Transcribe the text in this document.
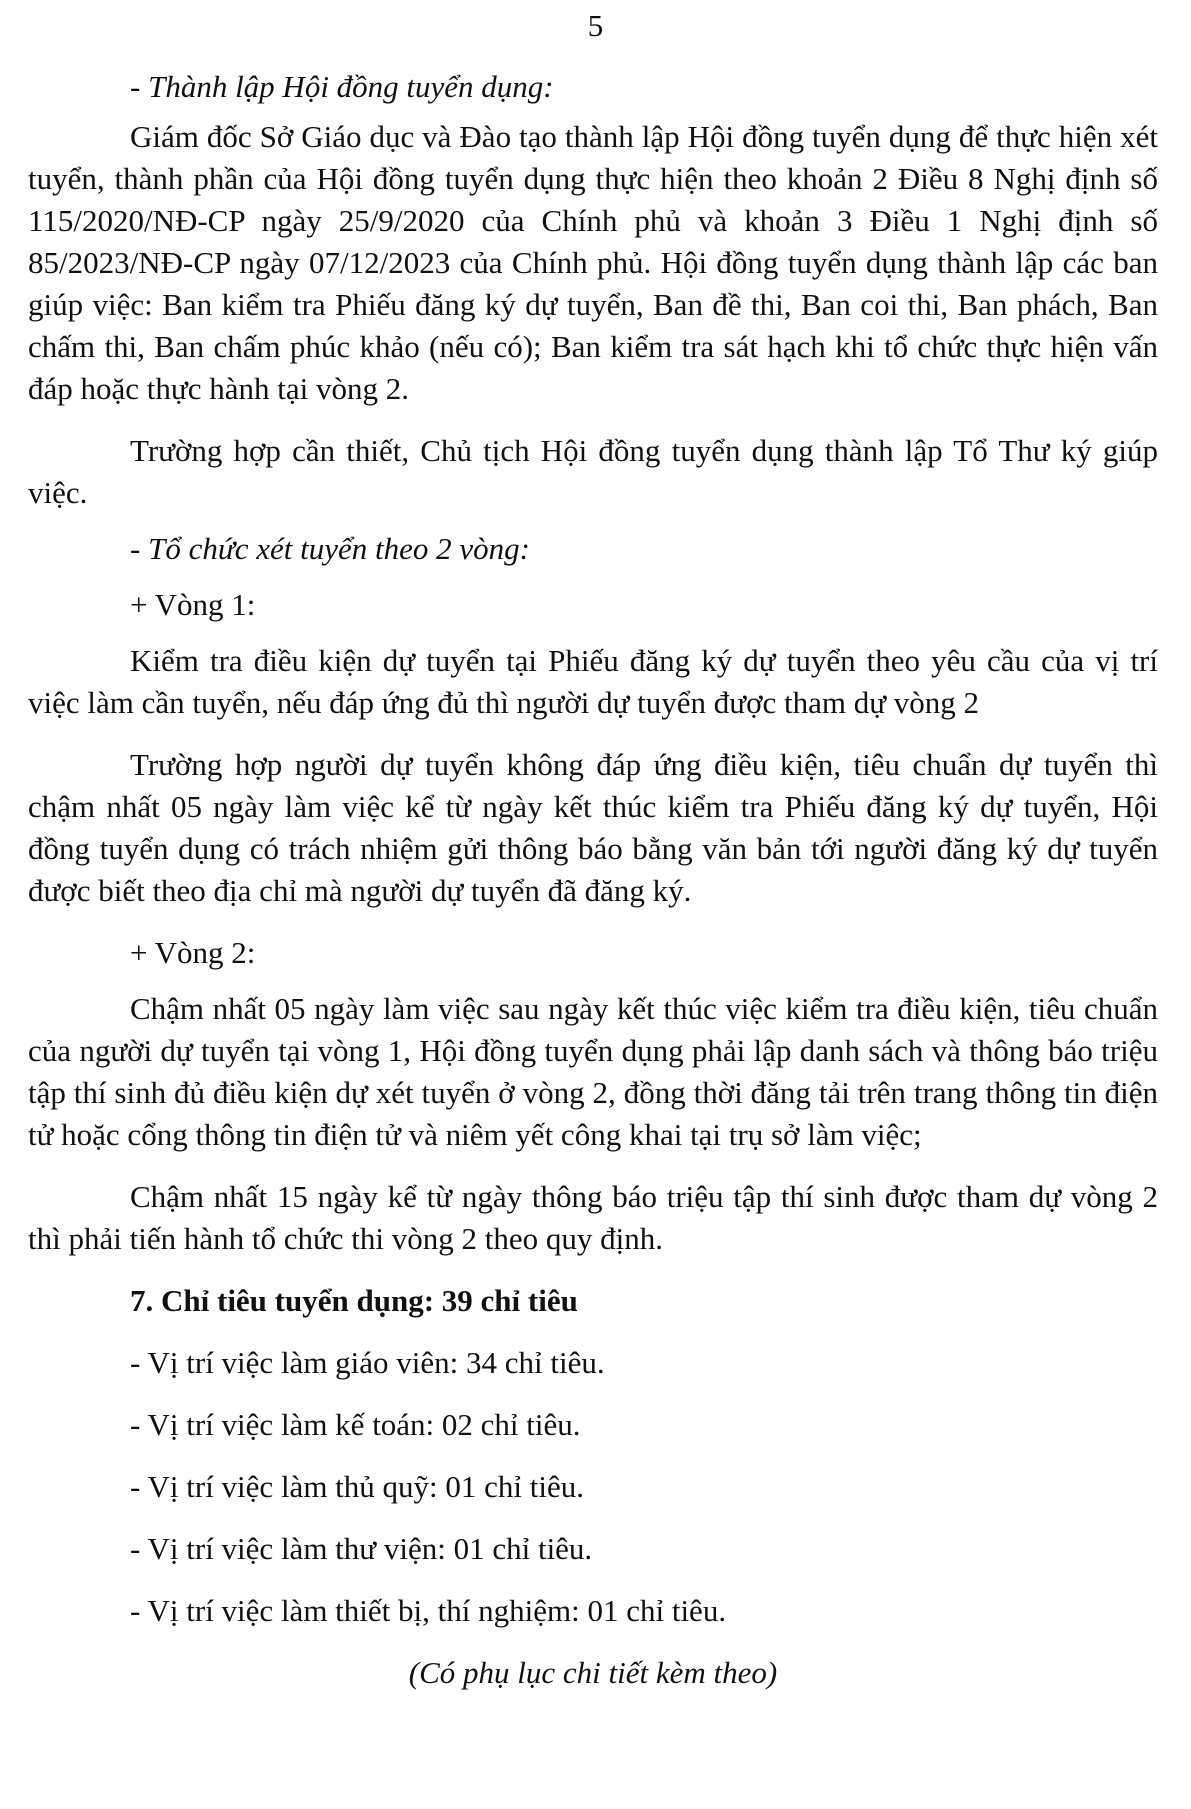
5

- Thành lập Hội đồng tuyển dụng:

Giám đốc Sở Giáo dục và Đào tạo thành lập Hội đồng tuyển dụng để thực hiện xét tuyển, thành phần của Hội đồng tuyển dụng thực hiện theo khoản 2 Điều 8 Nghị định số 115/2020/NĐ-CP ngày 25/9/2020 của Chính phủ và khoản 3 Điều 1 Nghị định số 85/2023/NĐ-CP ngày 07/12/2023 của Chính phủ. Hội đồng tuyển dụng thành lập các ban giúp việc: Ban kiểm tra Phiếu đăng ký dự tuyển, Ban đề thi, Ban coi thi, Ban phách, Ban chấm thi, Ban chấm phúc khảo (nếu có); Ban kiểm tra sát hạch khi tổ chức thực hiện vấn đáp hoặc thực hành tại vòng 2.

Trường hợp cần thiết, Chủ tịch Hội đồng tuyển dụng thành lập Tổ Thư ký giúp việc.

- Tổ chức xét tuyển theo 2 vòng:

+ Vòng 1:

Kiểm tra điều kiện dự tuyển tại Phiếu đăng ký dự tuyển theo yêu cầu của vị trí việc làm cần tuyển, nếu đáp ứng đủ thì người dự tuyển được tham dự vòng 2

Trường hợp người dự tuyển không đáp ứng điều kiện, tiêu chuẩn dự tuyển thì chậm nhất 05 ngày làm việc kể từ ngày kết thúc kiểm tra Phiếu đăng ký dự tuyển, Hội đồng tuyển dụng có trách nhiệm gửi thông báo bằng văn bản tới người đăng ký dự tuyển được biết theo địa chỉ mà người dự tuyển đã đăng ký.

+ Vòng 2:

Chậm nhất 05 ngày làm việc sau ngày kết thúc việc kiểm tra điều kiện, tiêu chuẩn của người dự tuyển tại vòng 1, Hội đồng tuyển dụng phải lập danh sách và thông báo triệu tập thí sinh đủ điều kiện dự xét tuyển ở vòng 2, đồng thời đăng tải trên trang thông tin điện tử hoặc cổng thông tin điện tử và niêm yết công khai tại trụ sở làm việc;

Chậm nhất 15 ngày kể từ ngày thông báo triệu tập thí sinh được tham dự vòng 2 thì phải tiến hành tổ chức thi vòng 2 theo quy định.

7. Chỉ tiêu tuyển dụng: 39 chỉ tiêu

- Vị trí việc làm giáo viên: 34 chỉ tiêu.

- Vị trí việc làm kế toán: 02 chỉ tiêu.

- Vị trí việc làm thủ quỹ: 01 chỉ tiêu.

- Vị trí việc làm thư viện: 01 chỉ tiêu.

- Vị trí việc làm thiết bị, thí nghiệm: 01 chỉ tiêu.

(Có phụ lục chi tiết kèm theo)
